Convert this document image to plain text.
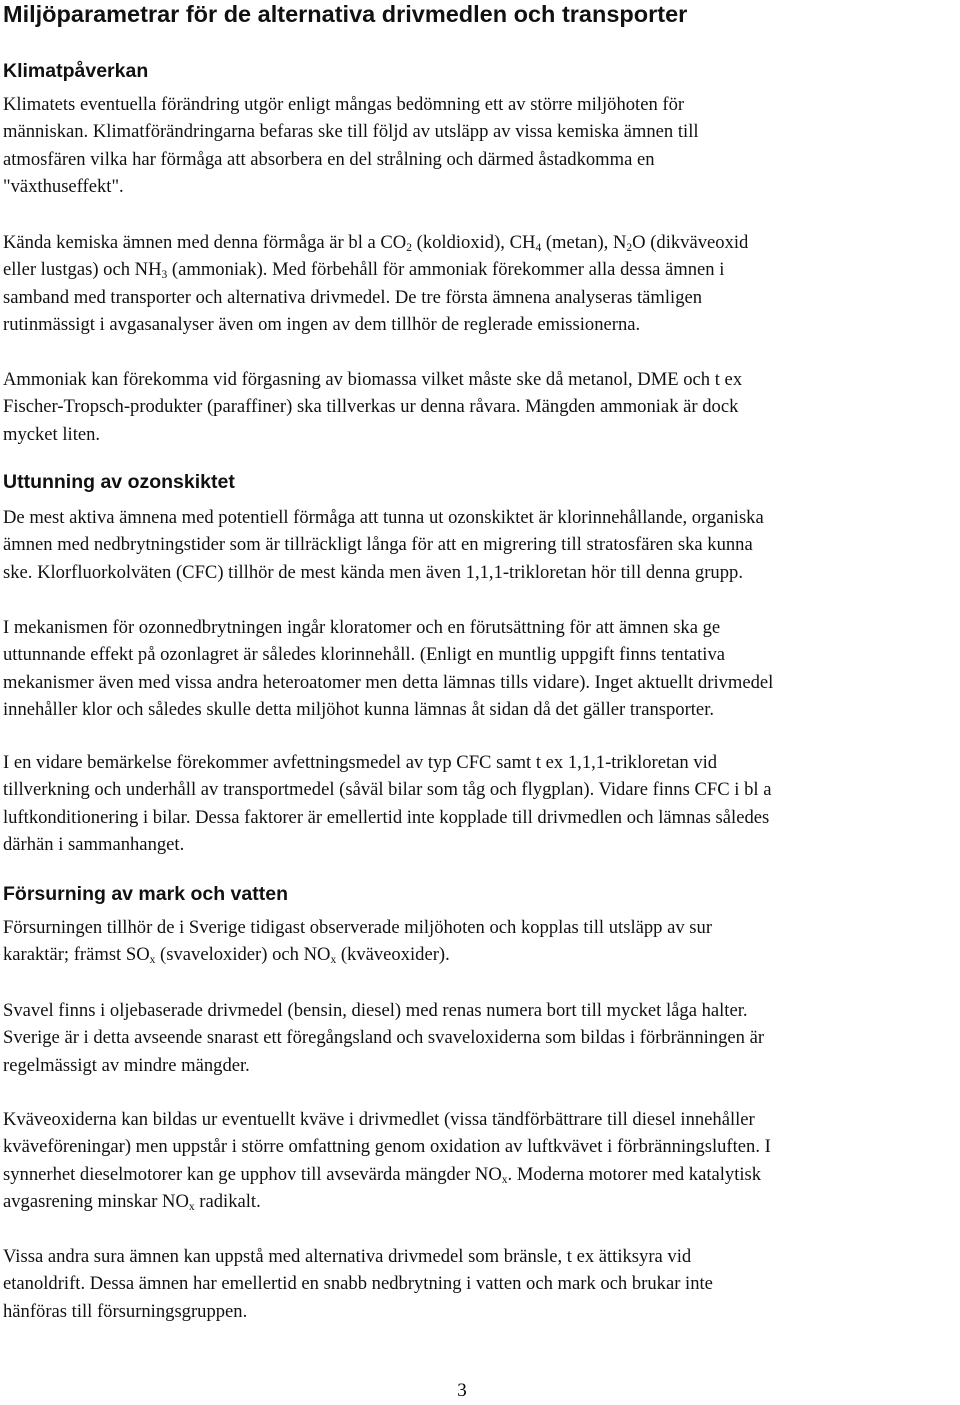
Miljöparametrar för de alternativa drivmedlen och transporter
Klimatpåverkan

Klimatets eventuella förändring utgör enligt mångas bedömning ett av större miljöhoten för
människan. Klimatförändringarna befaras ske till följd av utsläpp av vissa kemiska ämnen till
atmosfären vilka har förmåga att absorbera en del strålning och därmed åstadkomma en
"växthuseffekt".

Kända kemiska ämnen med denna förmåga är bl a $CO_2$ (koldioxid), $CH_4$ (metan), $N_2O$ (dikväveoxid
eller lustgas) och $NH_3$ (ammoniak). Med förbehåll för ammoniak förekommer alla dessa ämnen i
samband med transporter och alternativa drivmedel. De tre första ämnena analyseras tämligen
rutinmässigt i avgasanalyser även om ingen av dem tillhör de reglerade emissionerna.

Ammoniak kan förekomma vid förgasning av biomassa vilket måste ske då metanol, DME och t ex
Fischer-Tropsch-produkter (paraffiner) ska tillverkas ur denna råvara. Mängden ammoniak är dock
mycket liten.

Uttunning av ozonskiktet

De mest aktiva ämnena med potentiell förmåga att tunna ut ozonskiktet är klorinnehållande, organiska
ämnen med nedbrytningstider som är tillräckligt långa för att en migrering till stratosfären ska kunna
ske. Klorfluorkolväten (CFC) tillhör de mest kända men även 1,1,1-trikloretan hör till denna grupp.

I mekanismen för ozonnedbrytningen ingår kloratomer och en förutsättning för att ämnen ska ge
uttunnande effekt på ozonlagret är således klorinnehåll. (Enligt en muntlig uppgift finns tentativa
mekanismer även med vissa andra heteroatomer men detta lämnas tills vidare). Inget aktuellt drivmedel
innehåller klor och således skulle detta miljöhot kunna lämnas åt sidan då det gäller transporter.

I en vidare bemärkelse förekommer avfettningsmedel av typ CFC samt t ex 1,1,1-trikloretan vid
tillverkning och underhåll av transportmedel (såväl bilar som tåg och flygplan). Vidare finns CFC i bl a
luftkonditionering i bilar. Dessa faktorer är emellertid inte kopplade till drivmedlen och lämnas således
därhän i sammanhanget.

Försurning av mark och vatten

Försurningen tillhör de i Sverige tidigast observerade miljöhoten och kopplas till utsläpp av sur
karaktär; främst $SO_x$ (svaveloxider) och $NO_x$ (kväveoxider).

Svavel finns i oljebaserade drivmedel (bensin, diesel) med renas numera bort till mycket låga halter.
Sverige är i detta avseende snarast ett föregångsland och svaveloxiderna som bildas i förbränningen är
regelmässigt av mindre mängder.

Kväveoxiderna kan bildas ur eventuellt kväve i drivmedlet (vissa tändförbättrare till diesel innehåller
kväveföreningar) men uppstår i större omfattning genom oxidation av luftkvävet i förbränningsluften. I
synnerhet dieselmotorer kan ge upphov till avsevärda mängder $NO_x$. Moderna motorer med katalytisk
avgasrening minskar $NO_x$ radikalt.

Vissa andra sura ämnen kan uppstå med alternativa drivmedel som bränsle, t ex ättiksyra vid
etanoldrift. Dessa ämnen har emellertid en snabb nedbrytning i vatten och mark och brukar inte
hänföras till försurningsgruppen.

3
